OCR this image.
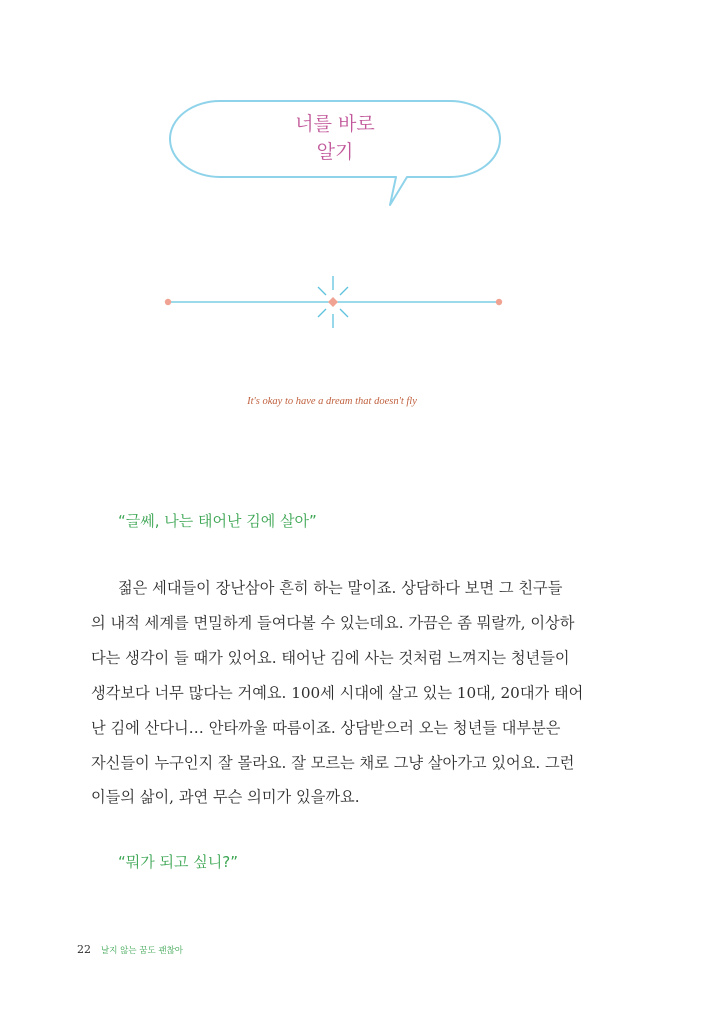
너를 바로
알기
It's okay to have a dream that doesn't fly
“글쎄, 나는 태어난 김에 살아”
젊은 세대들이 장난삼아 흔히 하는 말이죠. 상담하다 보면 그 친구들
의 내적 세계를 면밀하게 들여다볼 수 있는데요. 가끔은 좀 뭐랄까, 이상하
다는 생각이 들 때가 있어요. 태어난 김에 사는 것처럼 느껴지는 청년들이
생각보다 너무 많다는 거예요. 100세 시대에 살고 있는 10대, 20대가 태어
난 김에 산다니… 안타까울 따름이죠. 상담받으러 오는 청년들 대부분은
자신들이 누구인지 잘 몰라요. 잘 모르는 채로 그냥 살아가고 있어요. 그런
이들의 삶이, 과연 무슨 의미가 있을까요.
“뭐가 되고 싶니?”
22 날지 않는 꿈도 괜찮아
